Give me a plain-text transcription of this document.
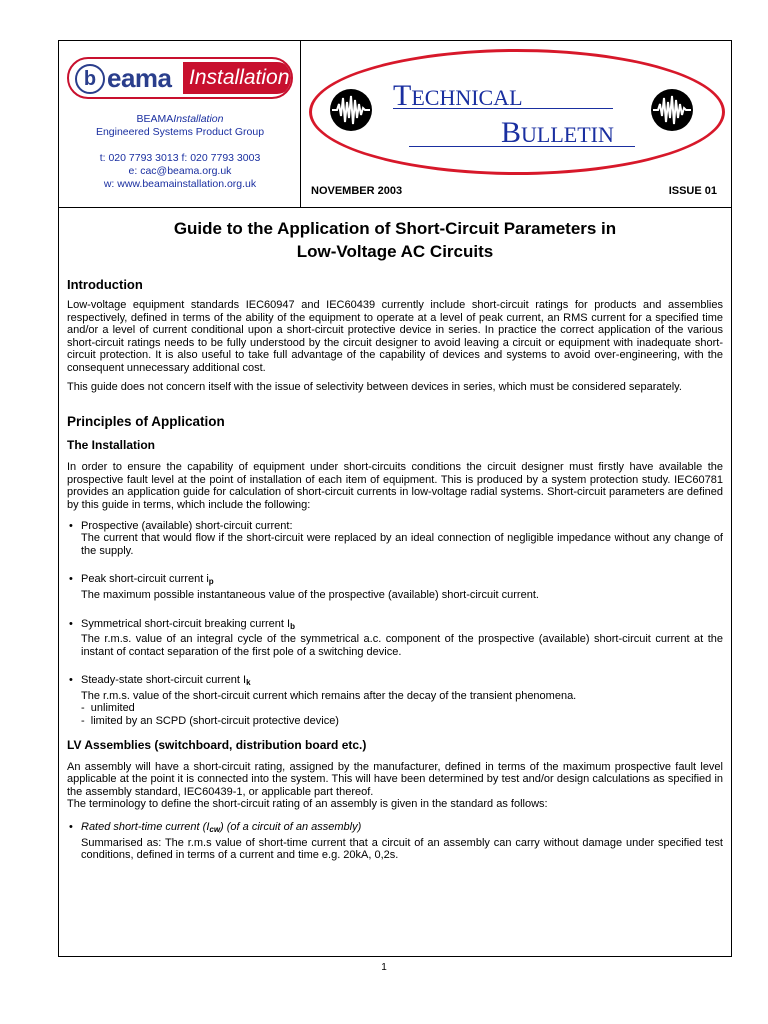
b eama Installation
BEAMAInstallation
Engineered Systems Product Group
t: 020 7793 3013 f: 020 7793 3003
e: cac@beama.org.uk
w: www.beamainstallation.org.uk
TECHNICAL
BULLETIN
NOVEMBER 2003	ISSUE 01
Guide to the Application of Short-Circuit Parameters in
Low-Voltage AC Circuits
Introduction

Low-voltage equipment standards IEC60947 and IEC60439 currently include short-circuit ratings for products and assemblies respectively, defined in terms of the ability of the equipment to operate at a level of peak current, an RMS current for a specified time and/or a level of current conditional upon a short-circuit protective device in series. In practice the correct application of the various short-circuit ratings needs to be fully understood by the circuit designer to avoid leaving a circuit or equipment with inadequate short-circuit protection. It is also useful to take full advantage of the capability of devices and systems to avoid over-engineering, with the consequent unnecessary additional cost.

This guide does not concern itself with the issue of selectivity between devices in series, which must be considered separately.

Principles of Application
The Installation

In order to ensure the capability of equipment under short-circuits conditions the circuit designer must firstly have available the prospective fault level at the point of installation of each item of equipment. This is produced by a system protection study. IEC60781 provides an application guide for calculation of short-circuit currents in low-voltage radial systems. Short-circuit parameters are defined by this guide in terms, which include the following:

• Prospective (available) short-circuit current:
The current that would flow if the short-circuit were replaced by an ideal connection of negligible impedance without any change of the supply.
• Peak short-circuit current $i_p$
The maximum possible instantaneous value of the prospective (available) short-circuit current.
• Symmetrical short-circuit breaking current $I_b$
The r.m.s. value of an integral cycle of the symmetrical a.c. component of the prospective (available) short-circuit current at the instant of contact separation of the first pole of a switching device.
• Steady-state short-circuit current $I_k$
The r.m.s. value of the short-circuit current which remains after the decay of the transient phenomena.
-  unlimited
-  limited by an SCPD (short-circuit protective device)
LV Assemblies (switchboard, distribution board etc.)

An assembly will have a short-circuit rating, assigned by the manufacturer, defined in terms of the maximum prospective fault level applicable at the point it is connected into the system. This will have been determined by test and/or design calculations as specified in the assembly standard, IEC60439-1, or applicable part thereof.

The terminology to define the short-circuit rating of an assembly is given in the standard as follows:

• Rated short-time current $(I_{cw})$ (of a circuit of an assembly)
Summarised as: The r.m.s value of short-time current that a circuit of an assembly can carry without damage under specified test conditions, defined in terms of a current and time e.g. 20kA, 0,2s.
1
